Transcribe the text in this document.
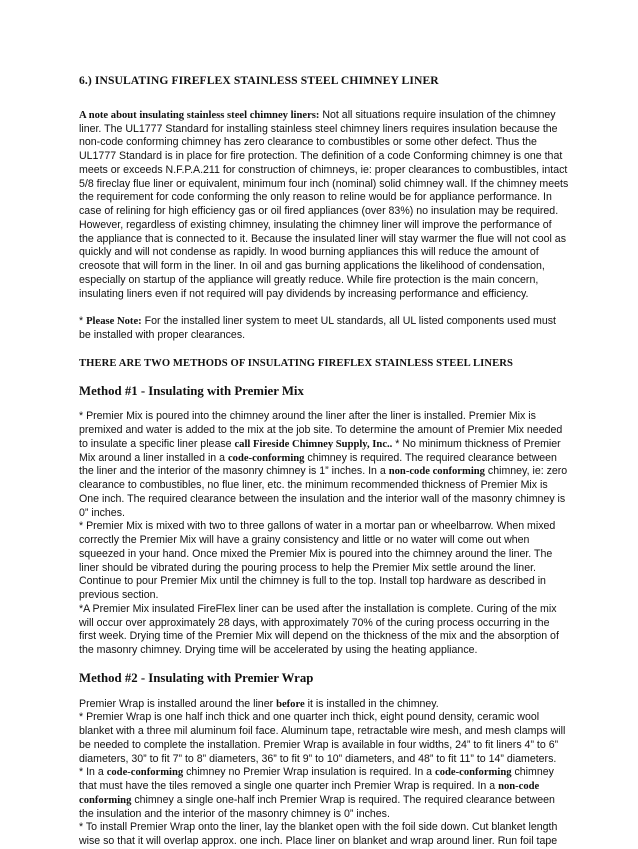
6.) INSULATING FIREFLEX STAINLESS STEEL CHIMNEY LINER

A note about insulating stainless steel chimney liners: Not all situations require insulation of the chimney liner. The UL1777 Standard for installing stainless steel chimney liners requires insulation because the non-code conforming chimney has zero clearance to combustibles or some other defect. Thus the UL1777 Standard is in place for fire protection. The definition of a code Conforming chimney is one that meets or exceeds N.F.P.A.211 for construction of chimneys, ie: proper clearances to combustibles, intact 5/8 fireclay flue liner or equivalent, minimum four inch (nominal) solid chimney wall. If the chimney meets the requirement for code conforming the only reason to reline would be for appliance performance. In case of relining for high efficiency gas or oil fired appliances (over 83%) no insulation may be required. However, regardless of existing chimney, insulating the chimney liner will improve the performance of the appliance that is connected to it. Because the insulated liner will stay warmer the flue will not cool as quickly and will not condense as rapidly. In wood burning appliances this will reduce the amount of creosote that will form in the liner. In oil and gas burning applications the likelihood of condensation, especially on startup of the appliance will greatly reduce. While fire protection is the main concern, insulating liners even if not required will pay dividends by increasing performance and efficiency.

* Please Note: For the installed liner system to meet UL standards, all UL listed components used must be installed with proper clearances.

THERE ARE TWO METHODS OF INSULATING FIREFLEX STAINLESS STEEL LINERS
Method #1 - Insulating with Premier Mix

* Premier Mix is poured into the chimney around the liner after the liner is installed. Premier Mix is premixed and water is added to the mix at the job site. To determine the amount of Premier Mix needed to insulate a specific liner please call Fireside Chimney Supply, Inc.. * No minimum thickness of Premier Mix around a liner installed in a code-conforming chimney is required. The required clearance between the liner and the interior of the masonry chimney is 1” inches. In a non-code conforming chimney, ie: zero clearance to combustibles, no flue liner, etc. the minimum recommended thickness of Premier Mix is One inch. The required clearance between the insulation and the interior wall of the masonry chimney is 0” inches.

* Premier Mix is mixed with two to three gallons of water in a mortar pan or wheelbarrow. When mixed correctly the Premier Mix will have a grainy consistency and little or no water will come out when squeezed in your hand. Once mixed the Premier Mix is poured into the chimney around the liner. The liner should be vibrated during the pouring process to help the Premier Mix settle around the liner. Continue to pour Premier Mix until the chimney is full to the top. Install top hardware as described in previous section.

*A Premier Mix insulated FireFlex liner can be used after the installation is complete. Curing of the mix will occur over approximately 28 days, with approximately 70% of the curing process occurring in the first week. Drying time of the Premier Mix will depend on the thickness of the mix and the absorption of the masonry chimney. Drying time will be accelerated by using the heating appliance.

Method #2 - Insulating with Premier Wrap

Premier Wrap is installed around the liner before it is installed in the chimney.

* Premier Wrap is one half inch thick and one quarter inch thick, eight pound density, ceramic wool blanket with a three mil aluminum foil face. Aluminum tape, retractable wire mesh, and mesh clamps will be needed to complete the installation. Premier Wrap is available in four widths, 24” to fit liners 4” to 6” diameters, 30” to fit 7” to 8” diameters, 36” to fit 9” to 10” diameters, and 48” to fit 11” to 14” diameters.

* In a code-conforming chimney no Premier Wrap insulation is required. In a code-conforming chimney that must have the tiles removed a single one quarter inch Premier Wrap is required. In a non-code conforming chimney a single one-half inch Premier Wrap is required. The required clearance between the insulation and the interior of the masonry chimney is 0” inches.

* To install Premier Wrap onto the liner, lay the blanket open with the foil side down. Cut blanket length wise so that it will overlap approx. one inch. Place liner on blanket and wrap around liner. Run foil tape
